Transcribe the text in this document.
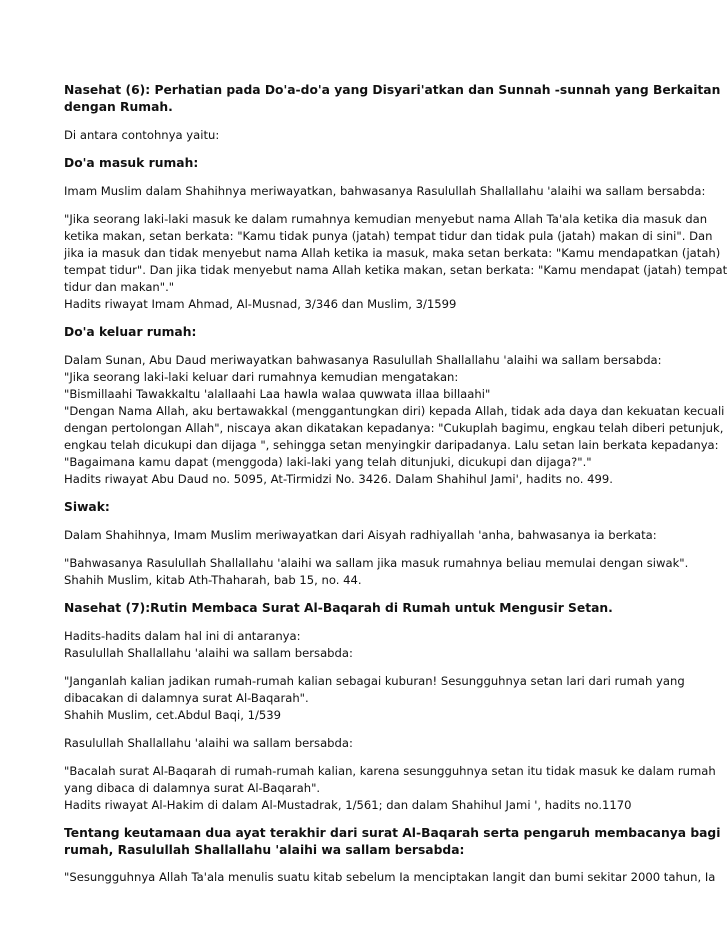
Nasehat (6): Perhatian pada Do'a-do'a yang Disyari'atkan dan Sunnah -sunnah yang Berkaitan
dengan Rumah.
Di antara contohnya yaitu:
Do'a masuk rumah:
Imam Muslim dalam Shahihnya meriwayatkan, bahwasanya Rasulullah Shallallahu 'alaihi wa sallam bersabda:
"Jika seorang laki-laki masuk ke dalam rumahnya kemudian menyebut nama Allah Ta'ala ketika dia masuk dan
ketika makan, setan berkata: "Kamu tidak punya (jatah) tempat tidur dan tidak pula (jatah) makan di sini". Dan
jika ia masuk dan tidak menyebut nama Allah ketika ia masuk, maka setan berkata: "Kamu mendapatkan (jatah)
tempat tidur". Dan jika tidak menyebut nama Allah ketika makan, setan berkata: "Kamu mendapat (jatah) tempat
tidur dan makan"."
Hadits riwayat Imam Ahmad, Al-Musnad, 3/346 dan Muslim, 3/1599
Do'a keluar rumah:
Dalam Sunan, Abu Daud meriwayatkan bahwasanya Rasulullah Shallallahu 'alaihi wa sallam bersabda:
"Jika seorang laki-laki keluar dari rumahnya kemudian mengatakan:
"Bismillaahi Tawakkaltu 'alallaahi Laa hawla walaa quwwata illaa billaahi"
"Dengan Nama Allah, aku bertawakkal (menggantungkan diri) kepada Allah, tidak ada daya dan kekuatan kecuali
dengan pertolongan Allah", niscaya akan dikatakan kepadanya: "Cukuplah bagimu, engkau telah diberi petunjuk,
engkau telah dicukupi dan dijaga ", sehingga setan menyingkir daripadanya. Lalu setan lain berkata kepadanya:
"Bagaimana kamu dapat (menggoda) laki-laki yang telah ditunjuki, dicukupi dan dijaga?"."
Hadits riwayat Abu Daud no. 5095, At-Tirmidzi No. 3426. Dalam Shahihul Jami', hadits no. 499.
Siwak:
Dalam Shahihnya, Imam Muslim meriwayatkan dari Aisyah radhiyallah 'anha, bahwasanya ia berkata:
"Bahwasanya Rasulullah Shallallahu 'alaihi wa sallam jika masuk rumahnya beliau memulai dengan siwak".
Shahih Muslim, kitab Ath-Thaharah, bab 15, no. 44.
Nasehat (7):Rutin Membaca Surat Al-Baqarah di Rumah untuk Mengusir Setan.
Hadits-hadits dalam hal ini di antaranya:
Rasulullah Shallallahu 'alaihi wa sallam bersabda:
"Janganlah kalian jadikan rumah-rumah kalian sebagai kuburan! Sesungguhnya setan lari dari rumah yang
dibacakan di dalamnya surat Al-Baqarah".
Shahih Muslim, cet.Abdul Baqi, 1/539
Rasulullah Shallallahu 'alaihi wa sallam bersabda:
"Bacalah surat Al-Baqarah di rumah-rumah kalian, karena sesungguhnya setan itu tidak masuk ke dalam rumah
yang dibaca di dalamnya surat Al-Baqarah".
Hadits riwayat Al-Hakim di dalam Al-Mustadrak, 1/561; dan dalam Shahihul Jami ', hadits no.1170
Tentang keutamaan dua ayat terakhir dari surat Al-Baqarah serta pengaruh membacanya bagi
rumah, Rasulullah Shallallahu 'alaihi wa sallam bersabda:
"Sesungguhnya Allah Ta'ala menulis suatu kitab sebelum Ia menciptakan langit dan bumi sekitar 2000 tahun, Ia
